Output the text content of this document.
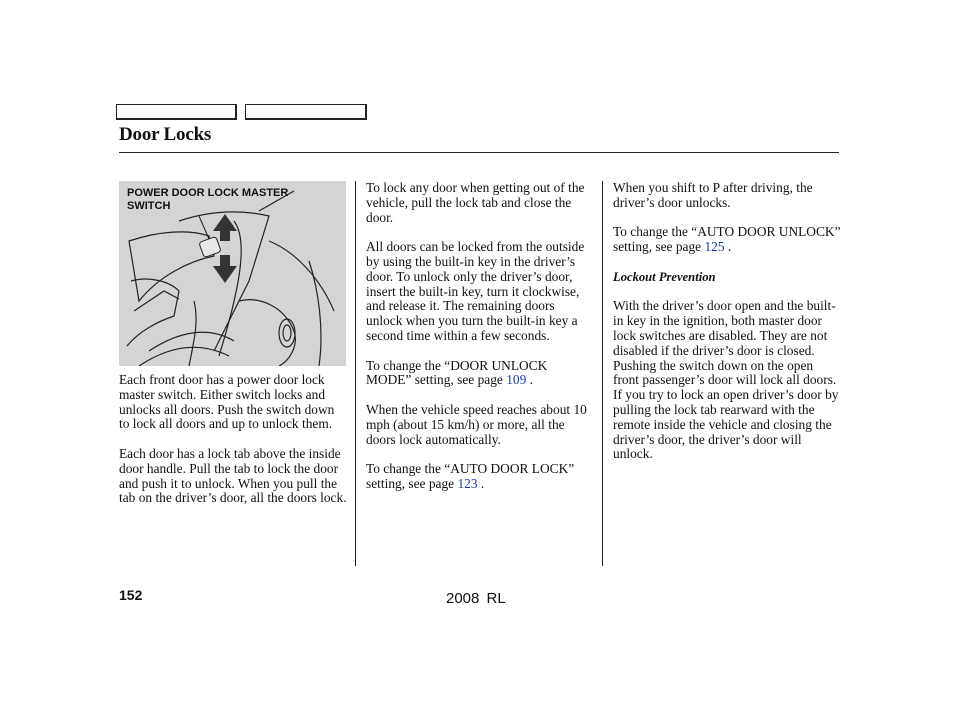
Door Locks
POWER DOOR LOCK MASTER SWITCH

Each front door has a power door lock master switch. Either switch locks and unlocks all doors. Push the switch down to lock all doors and up to unlock them.

Each door has a lock tab above the inside door handle. Pull the tab to lock the door and push it to unlock. When you pull the tab on the driver’s door, all the doors lock.

To lock any door when getting out of the vehicle, pull the lock tab and close the door.

All doors can be locked from the outside by using the built-in key in the driver’s door. To unlock only the driver’s door, insert the built-in key, turn it clockwise, and release it. The remaining doors unlock when you turn the built-in key a second time within a few seconds.

To change the “DOOR UNLOCK MODE” setting, see page 109 .

When the vehicle speed reaches about 10 mph (about 15 km/h) or more, all the doors lock automatically.

To change the “AUTO DOOR LOCK” setting, see page 123 .

When you shift to P after driving, the driver’s door unlocks.

To change the “AUTO DOOR UNLOCK” setting, see page 125 .

Lockout Prevention

With the driver’s door open and the built-in key in the ignition, both master door lock switches are disabled. They are not disabled if the driver’s door is closed. Pushing the switch down on the open front passenger’s door will lock all doors. If you try to lock an open driver’s door by pulling the lock tab rearward with the remote inside the vehicle and closing the driver’s door, the driver’s door will unlock.

152	2008 RL
